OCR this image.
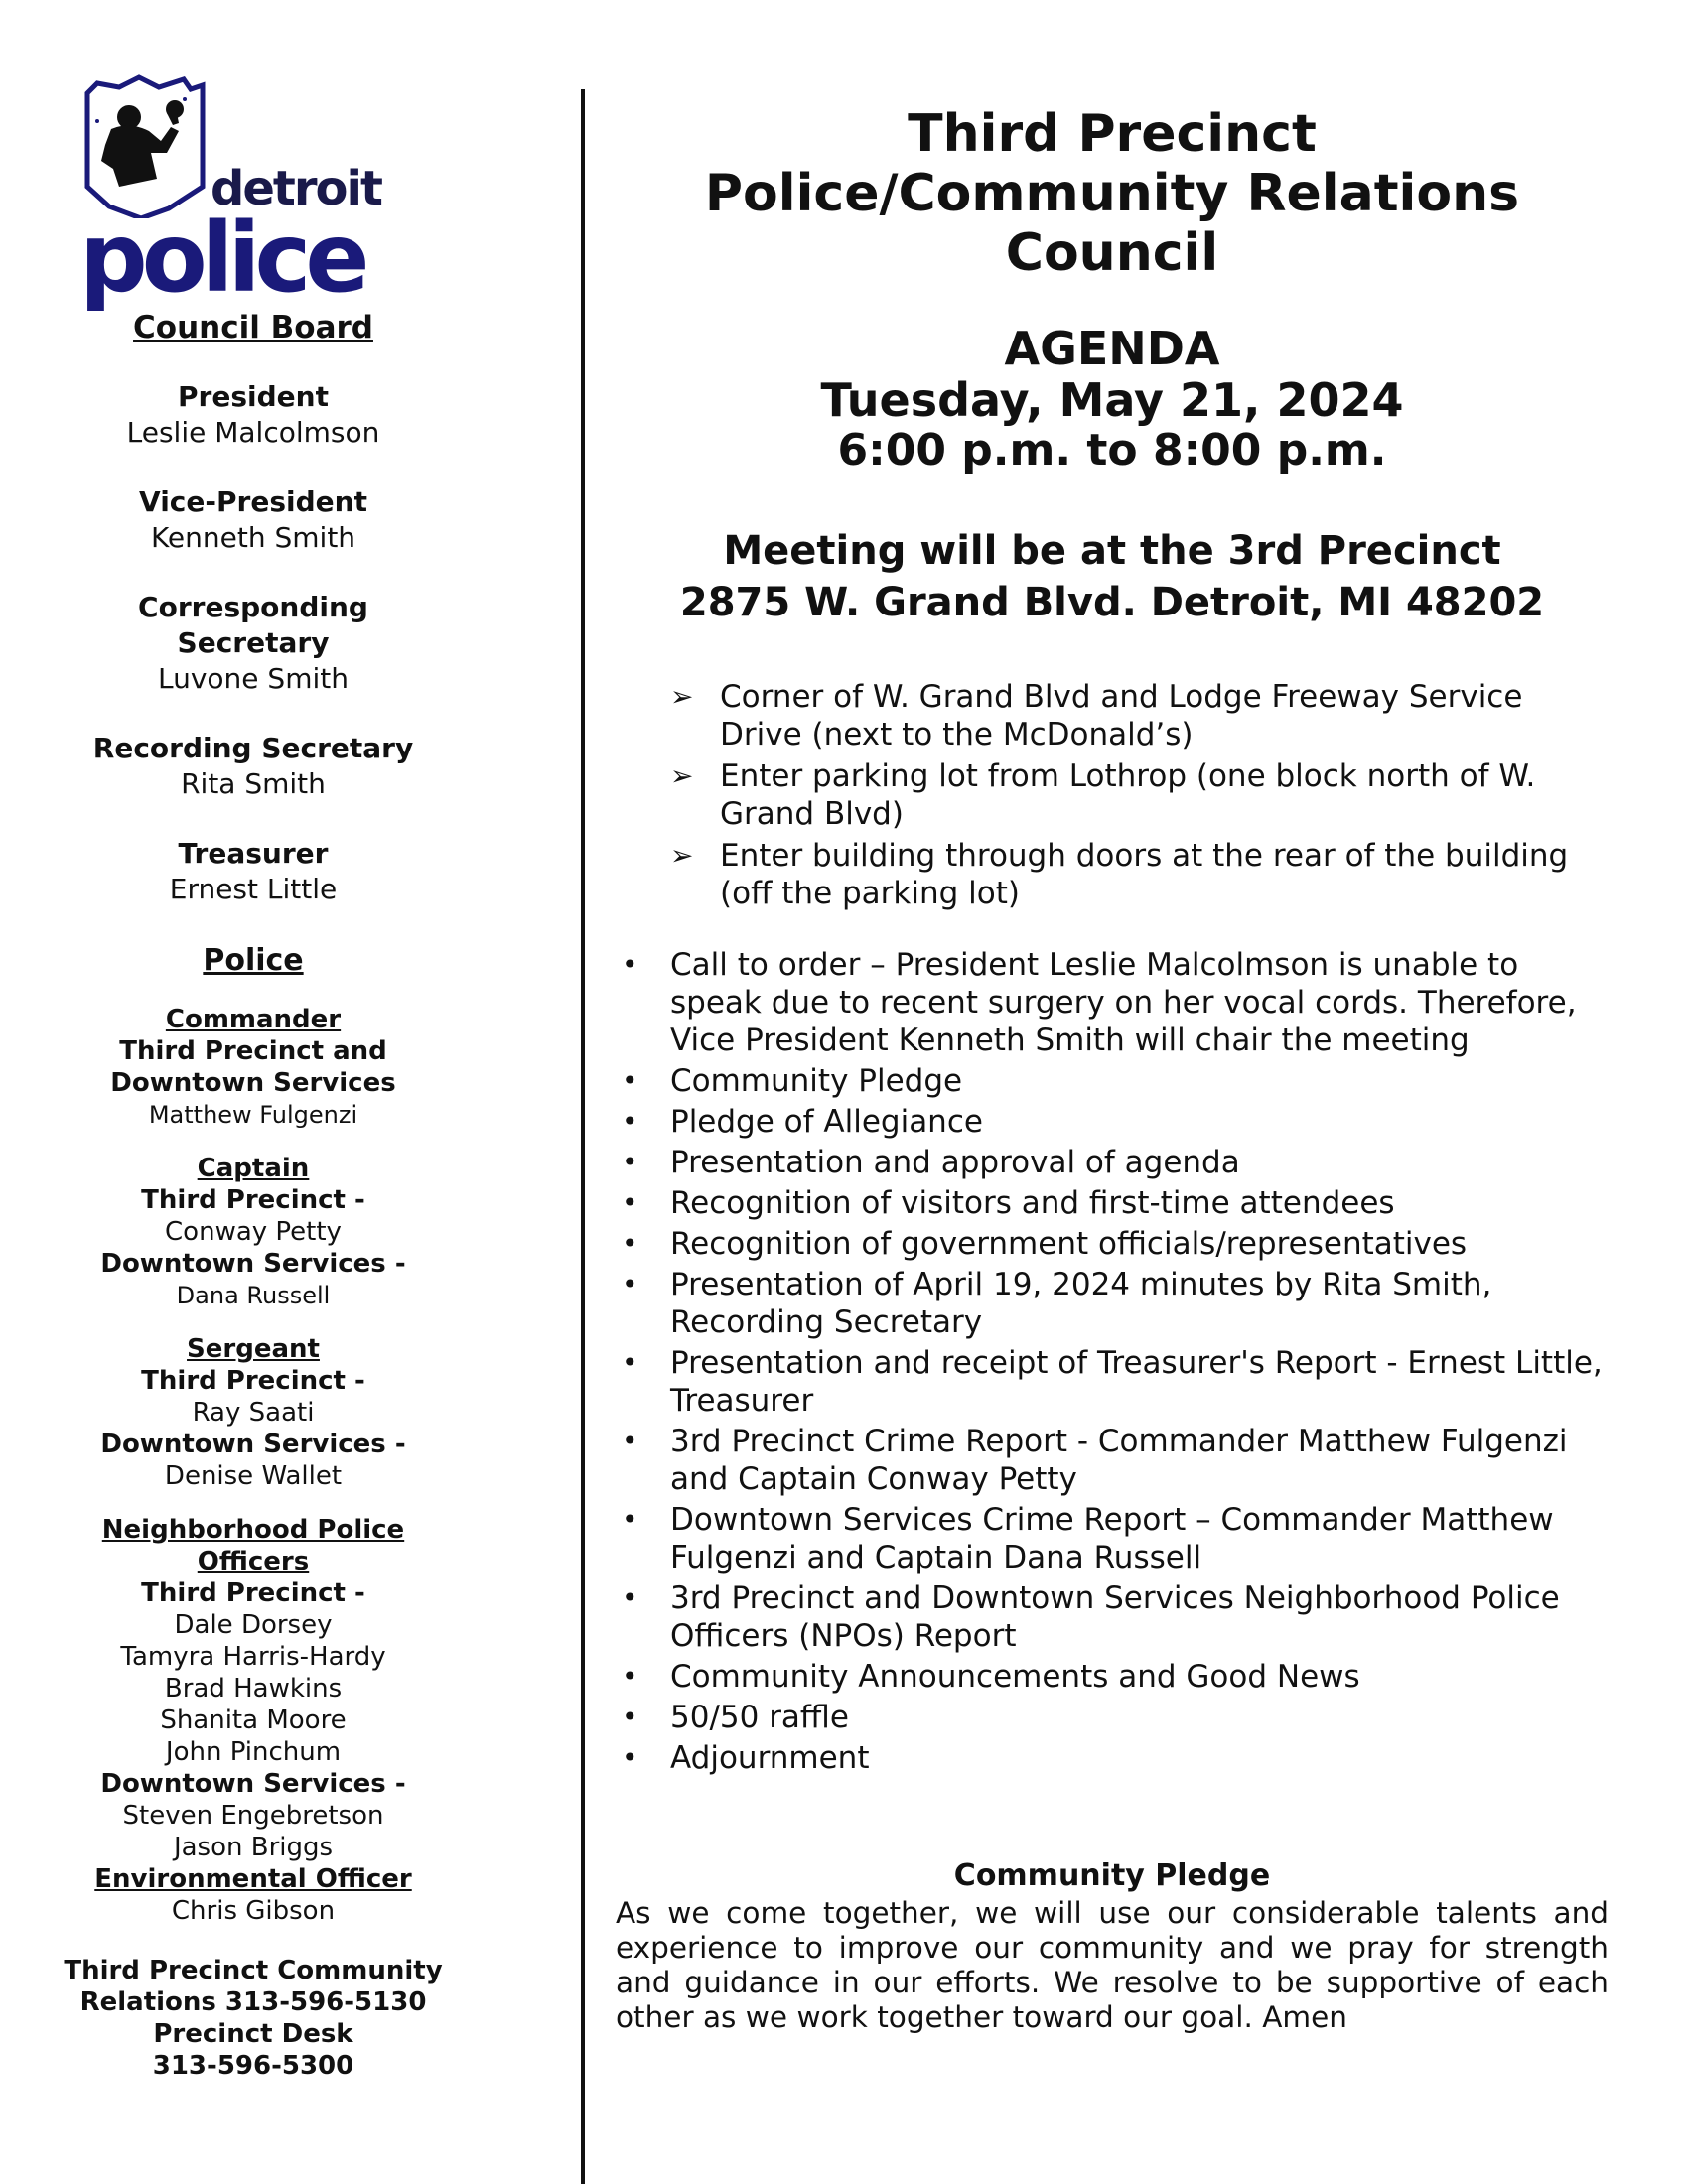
detroit
police
Council Board
President
Leslie Malcolmson
Vice-President
Kenneth Smith
Corresponding
Secretary
Luvone Smith
Recording Secretary
Rita Smith
Treasurer
Ernest Little
Police
Commander
Third Precinct and
Downtown Services
Matthew Fulgenzi
Captain
Third Precinct -
Conway Petty
Downtown Services -
Dana Russell
Sergeant
Third Precinct -
Ray Saati
Downtown Services -
Denise Wallet
Neighborhood Police
Officers
Third Precinct -
Dale Dorsey
Tamyra Harris-Hardy
Brad Hawkins
Shanita Moore
John Pinchum
Downtown Services -
Steven Engebretson
Jason Briggs
Environmental Officer
Chris Gibson
Third Precinct Community
Relations 313-596-5130
Precinct Desk
313-596-5300
Third Precinct
Police/Community Relations
Council
AGENDA
Tuesday, May 21, 2024
6:00 p.m. to 8:00 p.m.
Meeting will be at the 3rd Precinct
2875 W. Grand Blvd. Detroit, MI 48202
➢ Corner of W. Grand Blvd and Lodge Freeway Service Drive (next to the McDonald’s)
➢ Enter parking lot from Lothrop (one block north of W. Grand Blvd)
➢ Enter building through doors at the rear of the building (off the parking lot)
• Call to order – President Leslie Malcolmson is unable to speak due to recent surgery on her vocal cords. Therefore, Vice President Kenneth Smith will chair the meeting
• Community Pledge
• Pledge of Allegiance
• Presentation and approval of agenda
• Recognition of visitors and first-time attendees
• Recognition of government officials/representatives
• Presentation of April 19, 2024 minutes by Rita Smith, Recording Secretary
• Presentation and receipt of Treasurer's Report - Ernest Little, Treasurer
• 3rd Precinct Crime Report - Commander Matthew Fulgenzi and Captain Conway Petty
• Downtown Services Crime Report – Commander Matthew Fulgenzi and Captain Dana Russell
• 3rd Precinct and Downtown Services Neighborhood Police Officers (NPOs) Report
• Community Announcements and Good News
• 50/50 raffle
• Adjournment
Community Pledge
As we come together, we will use our considerable talents and experience to improve our community and we pray for strength and guidance in our efforts. We resolve to be supportive of each other as we work together toward our goal. Amen
